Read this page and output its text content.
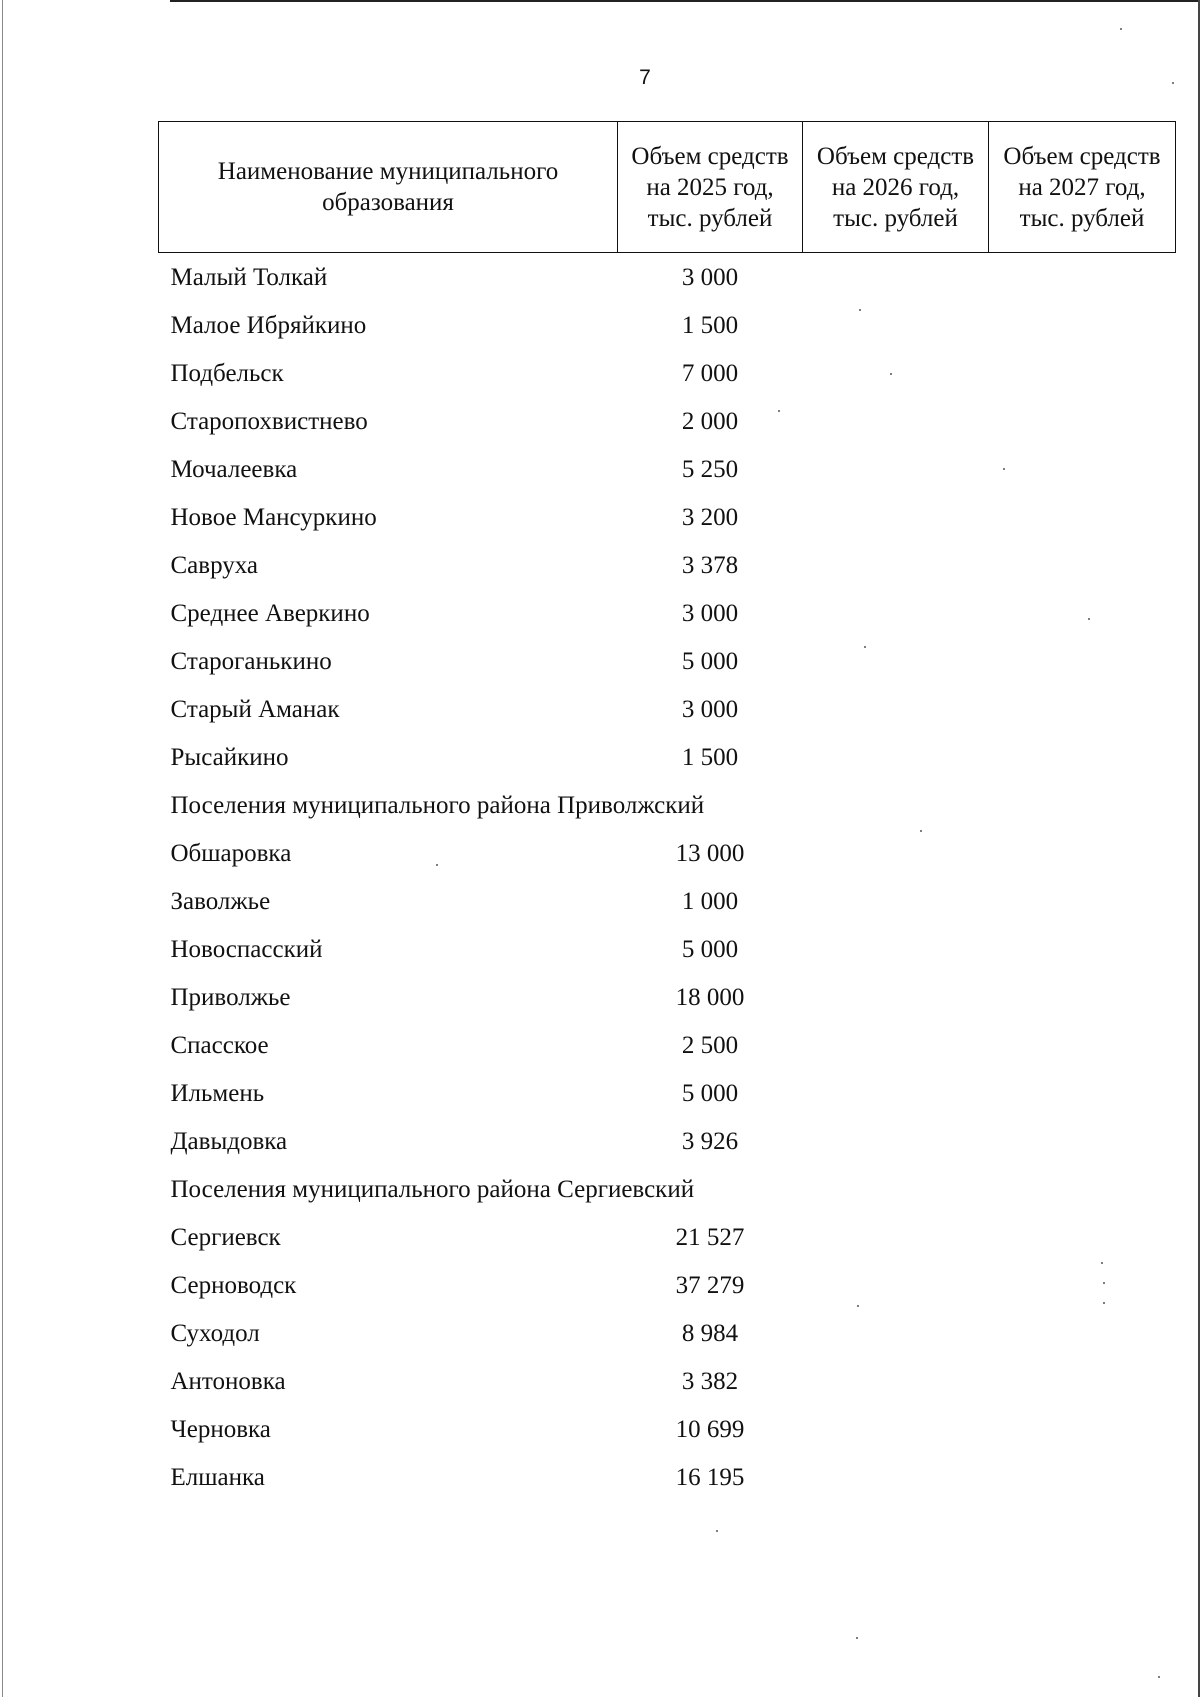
7
Наименование муниципального образования	Объем средств на 2025 год, тыс. рублей	Объем средств на 2026 год, тыс. рублей	Объем средств на 2027 год, тыс. рублей
Малый Толкай	3 000		
Малое Ибряйкино	1 500		
Подбельск	7 000		
Старопохвистнево	2 000		
Мочалеевка	5 250		
Новое Мансуркино	3 200		
Савруха	3 378		
Среднее Аверкино	3 000		
Староганькино	5 000		
Старый Аманак	3 000		
Рысайкино	1 500		
Поселения муниципального района Приволжский			
Обшаровка	13 000		
Заволжье	1 000		
Новоспасский	5 000		
Приволжье	18 000		
Спасское	2 500		
Ильмень	5 000		
Давыдовка	3 926		
Поселения муниципального района Сергиевский			
Сергиевск	21 527		
Серноводск	37 279		
Суходол	8 984		
Антоновка	3 382		
Черновка	10 699		
Елшанка	16 195		
